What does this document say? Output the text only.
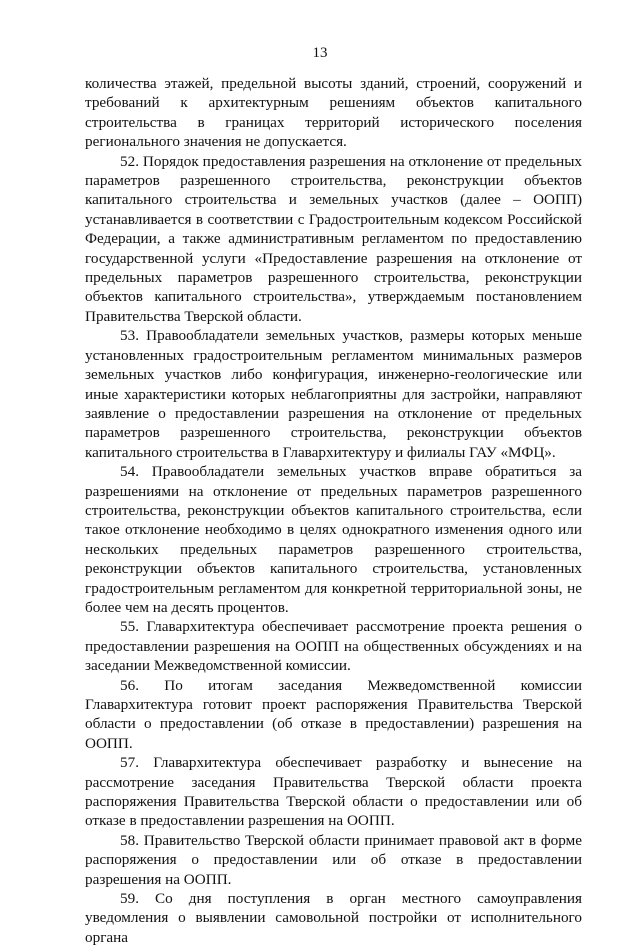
13

количества этажей, предельной высоты зданий, строений, сооружений и требований к архитектурным решениям объектов капитального строительства в границах территорий исторического поселения регионального значения не допускается.

52. Порядок предоставления разрешения на отклонение от предельных параметров разрешенного строительства, реконструкции объектов капитального строительства и земельных участков (далее – ООПП) устанавливается в соответствии с Градостроительным кодексом Российской Федерации, а также административным регламентом по предоставлению государственной услуги «Предоставление разрешения на отклонение от предельных параметров разрешенного строительства, реконструкции объектов капитального строительства», утверждаемым постановлением Правительства Тверской области.

53. Правообладатели земельных участков, размеры которых меньше установленных градостроительным регламентом минимальных размеров земельных участков либо конфигурация, инженерно-геологические или иные характеристики которых неблагоприятны для застройки, направляют заявление о предоставлении разрешения на отклонение от предельных параметров разрешенного строительства, реконструкции объектов капитального строительства в Главархитектуру и филиалы ГАУ «МФЦ».

54. Правообладатели земельных участков вправе обратиться за разрешениями на отклонение от предельных параметров разрешенного строительства, реконструкции объектов капитального строительства, если такое отклонение необходимо в целях однократного изменения одного или нескольких предельных параметров разрешенного строительства, реконструкции объектов капитального строительства, установленных градостроительным регламентом для конкретной территориальной зоны, не более чем на десять процентов.

55. Главархитектура обеспечивает рассмотрение проекта решения о предоставлении разрешения на ООПП на общественных обсуждениях и на заседании Межведомственной комиссии.

56. По итогам заседания Межведомственной комиссии Главархитектура готовит проект распоряжения Правительства Тверской области о предоставлении (об отказе в предоставлении) разрешения на ООПП.

57. Главархитектура обеспечивает разработку и вынесение на рассмотрение заседания Правительства Тверской области проекта распоряжения Правительства Тверской области о предоставлении или об отказе в предоставлении разрешения на ООПП.

58. Правительство Тверской области принимает правовой акт в форме распоряжения о предоставлении или об отказе в предоставлении разрешения на ООПП.

59. Со дня поступления в орган местного самоуправления уведомления о выявлении самовольной постройки от исполнительного органа
